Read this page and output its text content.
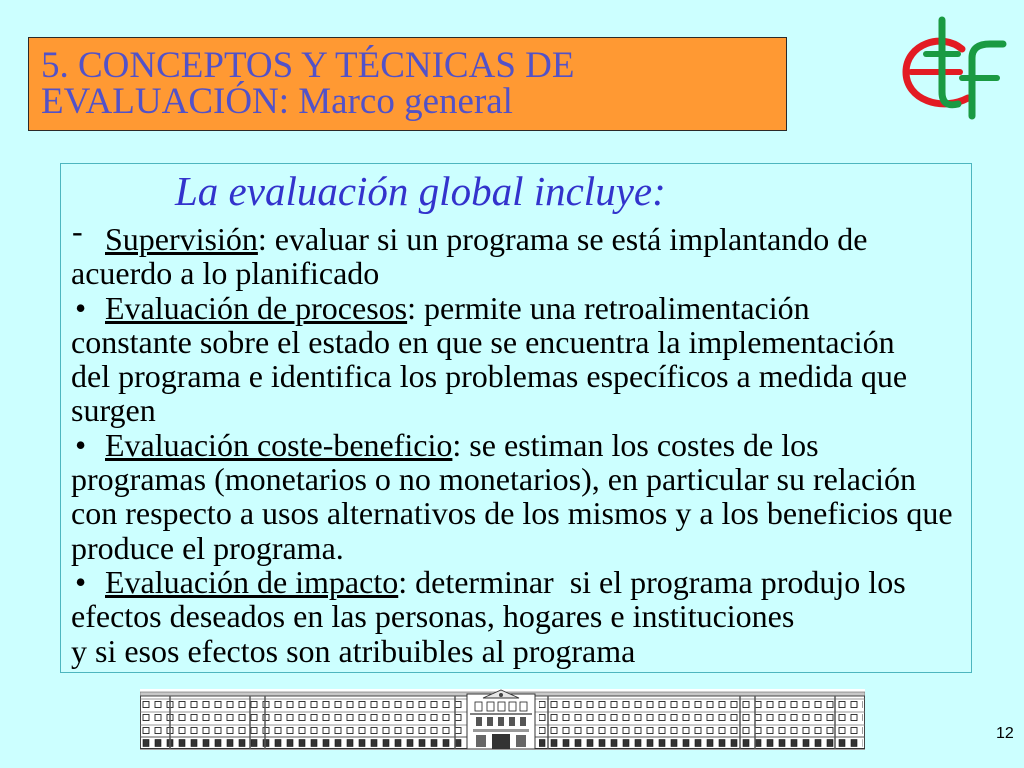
5. CONCEPTOS Y TÉCNICAS DE
EVALUACIÓN: Marco general
La evaluación global incluye:
- Supervisión: evaluar si un programa se está implantando de
acuerdo a lo planificado
• Evaluación de procesos: permite una retroalimentación
constante sobre el estado en que se encuentra la implementación
del programa e identifica los problemas específicos a medida que
surgen
• Evaluación coste-beneficio: se estiman los costes de los
programas (monetarios o no monetarios), en particular su relación
con respecto a usos alternativos de los mismos y a los beneficios que
produce el programa.
• Evaluación de impacto: determinar  si el programa produjo los
efectos deseados en las personas, hogares e instituciones
y si esos efectos son atribuibles al programa
12
